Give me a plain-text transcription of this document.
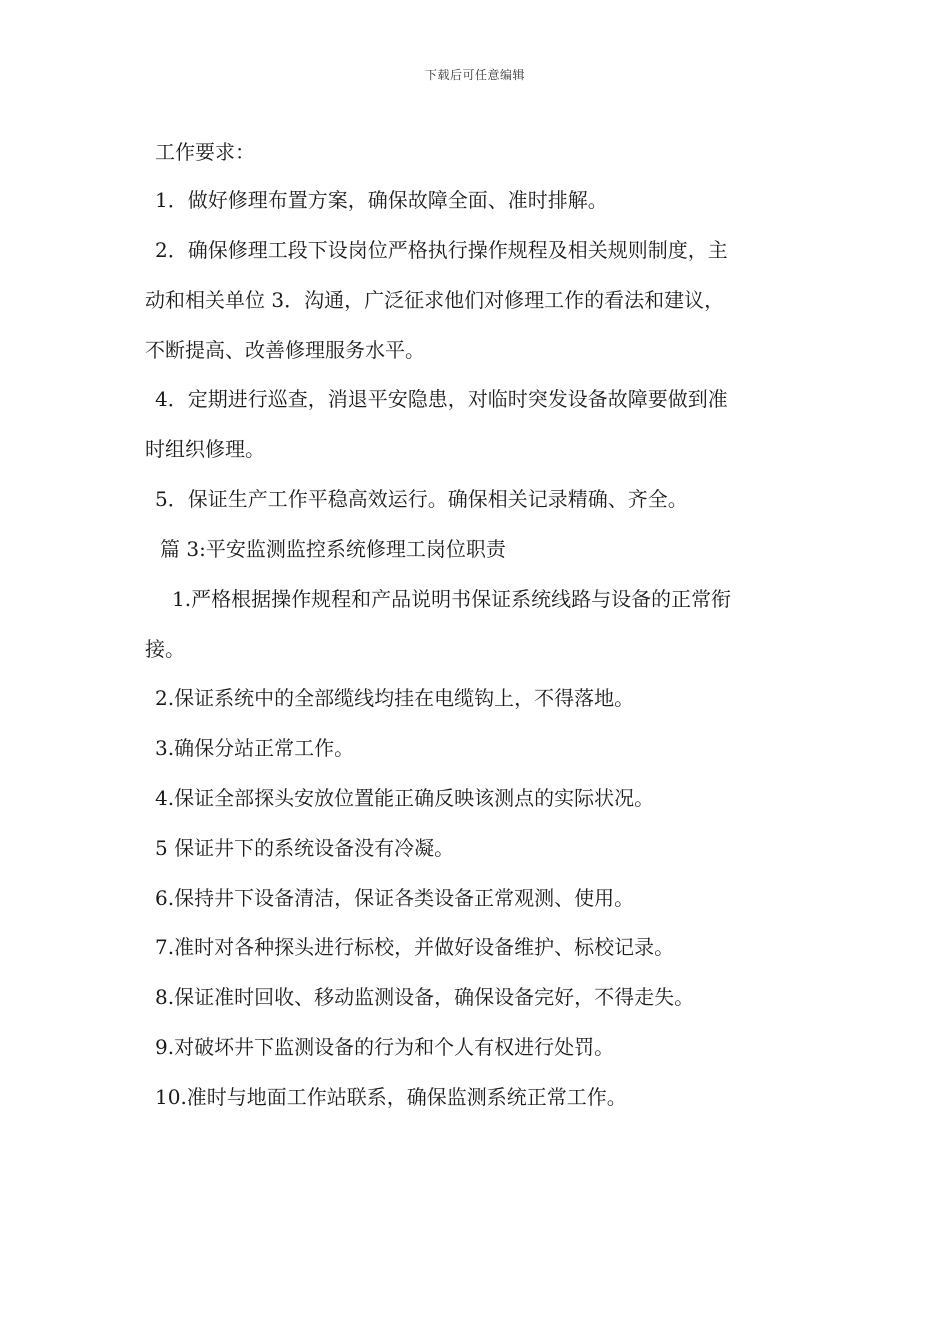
下载后可任意编辑
工作要求：
1．做好修理布置方案，确保故障全面、准时排解。
2．确保修理工段下设岗位严格执行操作规程及相关规则制度，主
动和相关单位 3．沟通，广泛征求他们对修理工作的看法和建议，
不断提高、改善修理服务水平。
4．定期进行巡查，消退平安隐患，对临时突发设备故障要做到准
时组织修理。
5．保证生产工作平稳高效运行。确保相关记录精确、齐全。
篇 3:平安监测监控系统修理工岗位职责
1.严格根据操作规程和产品说明书保证系统线路与设备的正常衔
接。
2.保证系统中的全部缆线均挂在电缆钩上，不得落地。
3.确保分站正常工作。
4.保证全部探头安放位置能正确反映该测点的实际状况。
5 保证井下的系统设备没有冷凝。
6.保持井下设备清洁，保证各类设备正常观测、使用。
7.准时对各种探头进行标校，并做好设备维护、标校记录。
8.保证准时回收、移动监测设备，确保设备完好，不得走失。
9.对破坏井下监测设备的行为和个人有权进行处罚。
10.准时与地面工作站联系，确保监测系统正常工作。
